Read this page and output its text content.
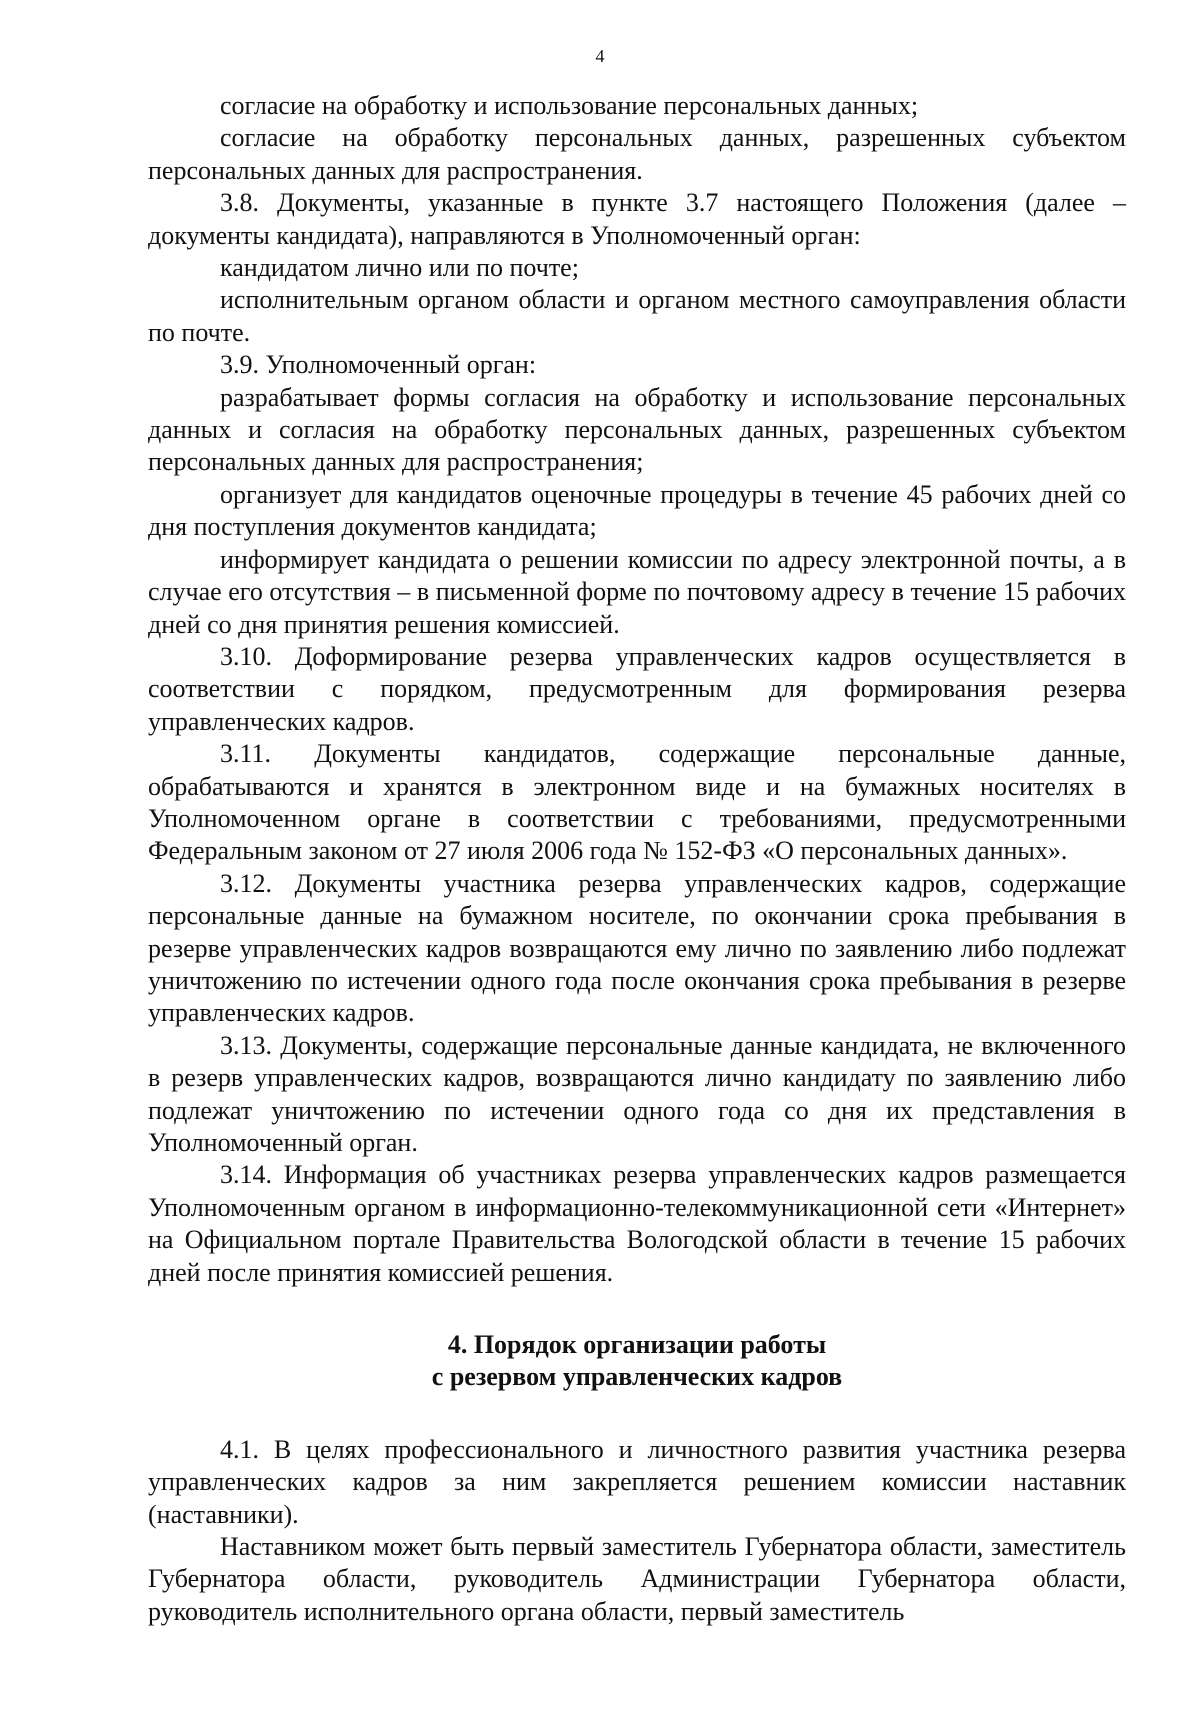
4

согласие на обработку и использование персональных данных;

согласие на обработку персональных данных, разрешенных субъектом персональных данных для распространения.

3.8. Документы, указанные в пункте 3.7 настоящего Положения (далее – документы кандидата), направляются в Уполномоченный орган:

кандидатом лично или по почте;

исполнительным органом области и органом местного самоуправления области по почте.

3.9. Уполномоченный орган:

разрабатывает формы согласия на обработку и использование персональных данных и согласия на обработку персональных данных, разрешенных субъектом персональных данных для распространения;

организует для кандидатов оценочные процедуры в течение 45 рабочих дней со дня поступления документов кандидата;

информирует кандидата о решении комиссии по адресу электронной почты, а в случае его отсутствия – в письменной форме по почтовому адресу в течение 15 рабочих дней со дня принятия решения комиссией.

3.10. Доформирование резерва управленческих кадров осуществляется в соответствии с порядком, предусмотренным для формирования резерва управленческих кадров.

3.11. Документы кандидатов, содержащие персональные данные, обрабатываются и хранятся в электронном виде и на бумажных носителях в Уполномоченном органе в соответствии с требованиями, предусмотренными Федеральным законом от 27 июля 2006 года № 152-ФЗ «О персональных данных».

3.12. Документы участника резерва управленческих кадров, содержащие персональные данные на бумажном носителе, по окончании срока пребывания в резерве управленческих кадров возвращаются ему лично по заявлению либо подлежат уничтожению по истечении одного года после окончания срока пребывания в резерве управленческих кадров.

3.13. Документы, содержащие персональные данные кандидата, не включенного в резерв управленческих кадров, возвращаются лично кандидату по заявлению либо подлежат уничтожению по истечении одного года со дня их представления в Уполномоченный орган.

3.14. Информация об участниках резерва управленческих кадров размещается Уполномоченным органом в информационно-телекоммуникационной сети «Интернет» на Официальном портале Правительства Вологодской области в течение 15 рабочих дней после принятия комиссией решения.

4. Порядок организации работы
с резервом управленческих кадров

4.1. В целях профессионального и личностного развития участника резерва управленческих кадров за ним закрепляется решением комиссии наставник (наставники).

Наставником может быть первый заместитель Губернатора области, заместитель Губернатора области, руководитель Администрации Губернатора области, руководитель исполнительного органа области, первый заместитель
